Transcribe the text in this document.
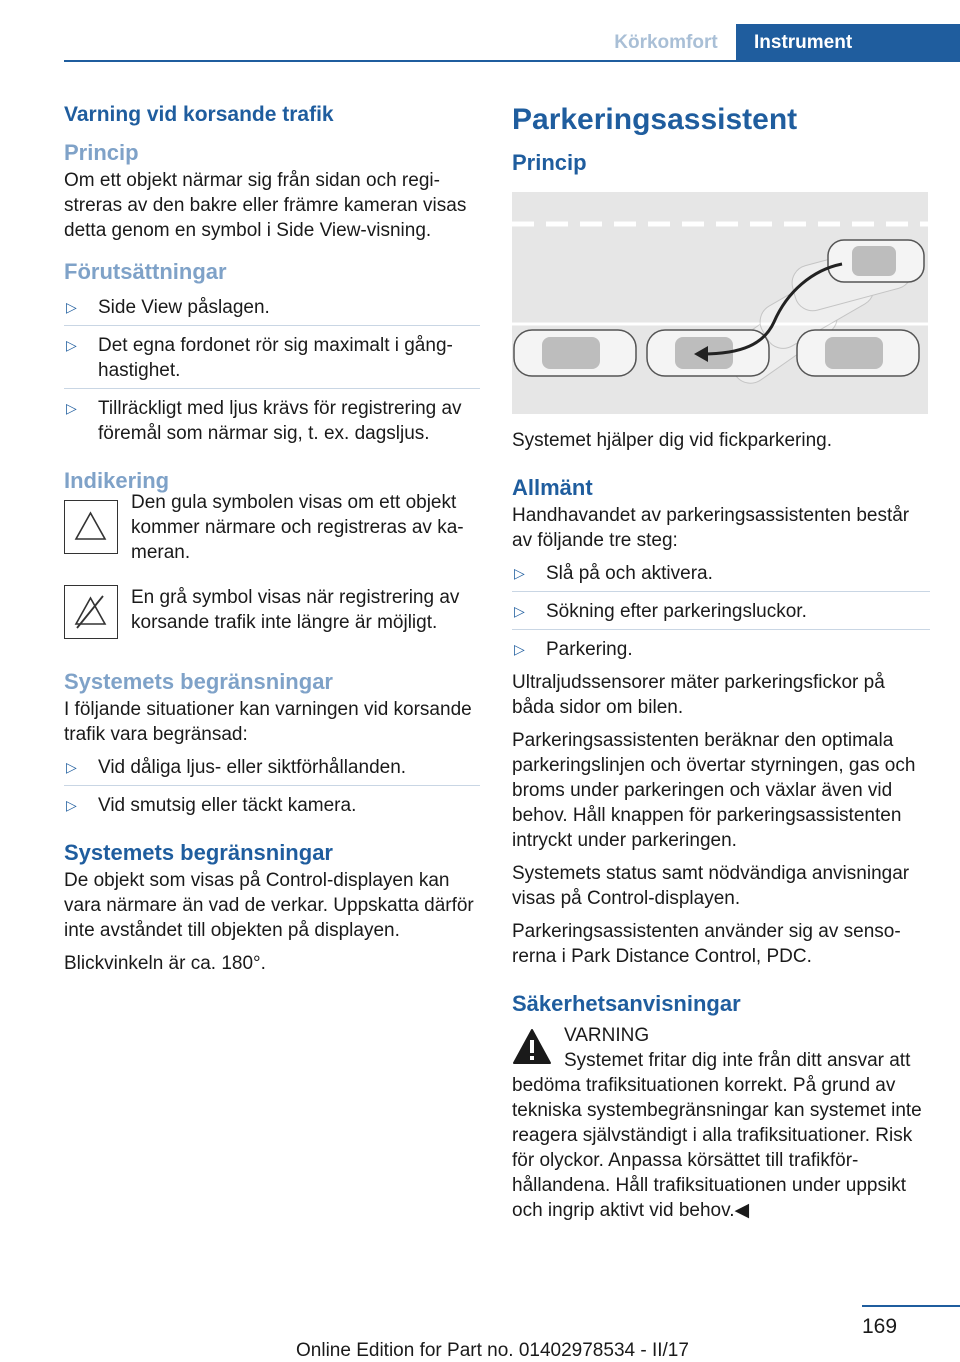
Körkomfort	Instrument
Varning vid korsande trafik
Princip

Om ett objekt närmar sig från sidan och registreras av den bakre eller främre kameran visas detta genom en symbol i Side View-visning.

Förutsättningar
▷ Side View påslagen.
▷ Det egna fordonet rör sig maximalt i gånghastighet.
▷ Tillräckligt med ljus krävs för registrering av föremål som närmar sig, t. ex. dagsljus.
Indikering

Den gula symbolen visas om ett objekt kommer närmare och registreras av kameran.

En grå symbol visas när registrering av korsande trafik inte längre är möjligt.

Systemets begränsningar

I följande situationer kan varningen vid korsande trafik vara begränsad:

▷ Vid dåliga ljus- eller siktförhållanden.
▷ Vid smutsig eller täckt kamera.
Systemets begränsningar

De objekt som visas på Control-displayen kan vara närmare än vad de verkar. Uppskatta därför inte avståndet till objekten på displayen.

Blickvinkeln är ca. 180°.

Parkeringsassistent
Princip

Systemet hjälper dig vid fickparkering.

Allmänt

Handhavandet av parkeringsassistenten består av följande tre steg:

▷ Slå på och aktivera.
▷ Sökning efter parkeringsluckor.
▷ Parkering.

Ultraljudssensorer mäter parkeringsfickor på båda sidor om bilen.

Parkeringsassistenten beräknar den optimala parkeringslinjen och övertar styrningen, gas och broms under parkeringen och växlar även vid behov. Håll knappen för parkeringsassistenten intryckt under parkeringen.

Systemets status samt nödvändiga anvisningar visas på Control-displayen.

Parkeringsassistenten använder sig av sensorerna i Park Distance Control, PDC.

Säkerhetsanvisningar

VARNING

Systemet fritar dig inte från ditt ansvar att bedöma trafiksituationen korrekt. På grund av tekniska systembegränsningar kan systemet inte reagera självständigt i alla trafiksituationer. Risk för olyckor. Anpassa körsättet till trafikförhållandena. Håll trafiksituationen under uppsikt och ingrip aktivt vid behov.◀

169
Online Edition for Part no. 01402978534 - II/17
